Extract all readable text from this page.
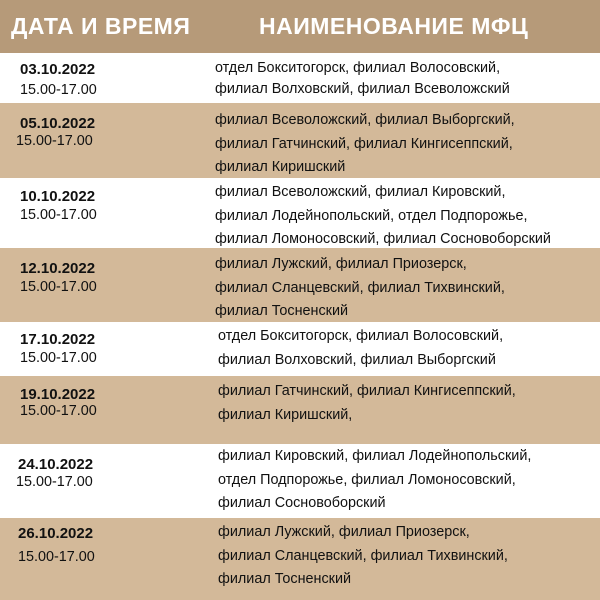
ДАТА И ВРЕМЯ	НАИМЕНОВАНИЕ МФЦ
03.10.2022
15.00-17.00
отдел Бокситогорск, филиал Волосовский,
филиал Волховский, филиал Всеволожский
05.10.2022
15.00-17.00
филиал Всеволожский, филиал Выборгский,
филиал Гатчинский, филиал Кингисеппский,
филиал Киришский
10.10.2022
15.00-17.00
филиал Всеволожский, филиал Кировский,
филиал Лодейнопольский, отдел Подпорожье,
филиал Ломоносовский, филиал Сосновоборский
12.10.2022
15.00-17.00
филиал Лужский, филиал Приозерск,
филиал Сланцевский, филиал Тихвинский,
филиал Тосненский
17.10.2022
15.00-17.00
отдел Бокситогорск, филиал Волосовский,
филиал Волховский, филиал Выборгский
19.10.2022
15.00-17.00
филиал Гатчинский, филиал Кингисеппский,
филиал Киришский,
24.10.2022
15.00-17.00
филиал Кировский, филиал Лодейнопольский,
отдел Подпорожье, филиал Ломоносовский,
филиал Сосновоборский
26.10.2022
15.00-17.00
филиал Лужский, филиал Приозерск,
филиал Сланцевский, филиал Тихвинский,
филиал Тосненский
